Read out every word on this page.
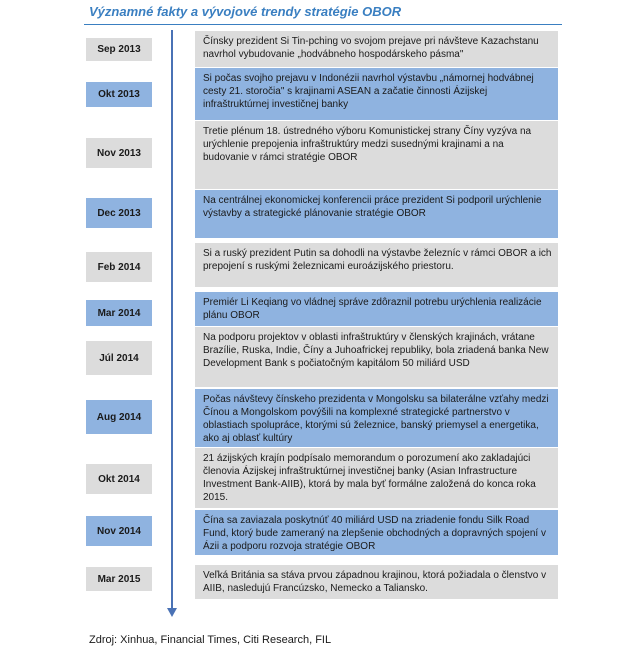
Významné fakty a vývojové trendy stratégie OBOR
Sep 2013
Čínsky prezident Si Tin-pching vo svojom prejave pri návšteve Kazachstanu navrhol vybudovanie „hodvábneho hospodárskeho pásma"
Okt 2013
Si počas svojho prejavu v Indonézii navrhol výstavbu „námornej hodvábnej cesty 21. storočia" s krajinami ASEAN a začatie činnosti Ázijskej infraštruktúrnej investičnej banky
Nov 2013
Tretie plénum 18. ústredného výboru Komunistickej strany Číny vyzýva na urýchlenie prepojenia infraštruktúry medzi susednými krajinami a na budovanie v rámci stratégie OBOR
Dec 2013
Na centrálnej ekonomickej konferencii práce prezident Si podporil urýchlenie výstavby a strategické plánovanie stratégie OBOR
Feb 2014
Si a ruský prezident Putin sa dohodli na výstavbe železníc v rámci OBOR a ich prepojení s ruskými železnicami euroázijského priestoru.
Mar 2014
Premiér Li Keqiang vo vládnej správe zdôraznil potrebu urýchlenia realizácie plánu OBOR
Júl 2014
Na podporu projektov v oblasti infraštruktúry v členských krajinách, vrátane Brazílie, Ruska, Indie, Číny a Juhoafrickej republiky, bola zriadená banka New Development Bank s počiatočným kapitálom 50 miliárd USD
Aug 2014
Počas návštevy čínskeho prezidenta v Mongolsku sa bilaterálne vzťahy medzi Čínou a Mongolskom povýšili na komplexné strategické partnerstvo v oblastiach spolupráce, ktorými sú železnice, banský priemysel a energetika, ako aj oblasť kultúry
Okt 2014
21 ázijských krajín podpísalo memorandum o porozumení ako zakladajúci členovia Ázijskej infraštruktúrnej investičnej banky (Asian Infrastructure Investment Bank-AIIB), ktorá by mala byť formálne založená do konca roka 2015.
Nov 2014
Čína sa zaviazala poskytnúť 40 miliárd USD na zriadenie fondu Silk Road Fund, ktorý bude zameraný na zlepšenie obchodných a dopravných spojení v Ázii a podporu rozvoja stratégie OBOR
Mar 2015	Veľká Británia sa stáva prvou západnou krajinou, ktorá požiadala o členstvo v AIIB, nasledujú Francúzsko, Nemecko a Taliansko.
Zdroj: Xinhua, Financial Times, Citi Research, FIL
